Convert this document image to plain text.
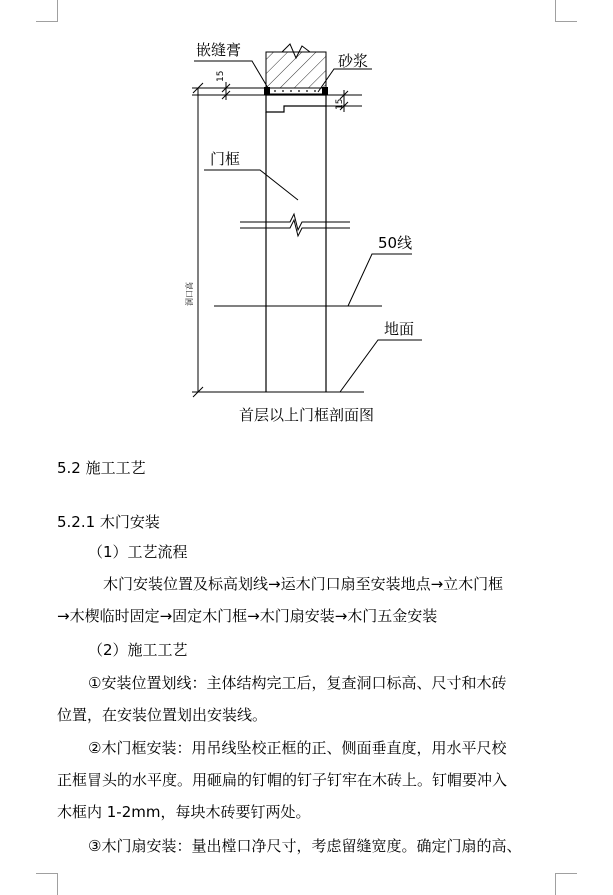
嵌缝膏
砂浆
门框
50线
地面
洞口高
15
15
首层以上门框剖面图
5.2 施工工艺
5.2.1 木门安装
（1）工艺流程
木门安装位置及标高划线→运木门口扇至安装地点→立木门框
→木楔临时固定→固定木门框→木门扇安装→木门五金安装
（2）施工工艺
①安装位置划线：主体结构完工后，复查洞口标高、尺寸和木砖
位置，在安装位置划出安装线。
②木门框安装：用吊线坠校正框的正、侧面垂直度，用水平尺校
正框冒头的水平度。用砸扁的钉帽的钉子钉牢在木砖上。钉帽要冲入
木框内 1-2mm，每块木砖要钉两处。
③木门扇安装：量出樘口净尺寸，考虑留缝宽度。确定门扇的高、
